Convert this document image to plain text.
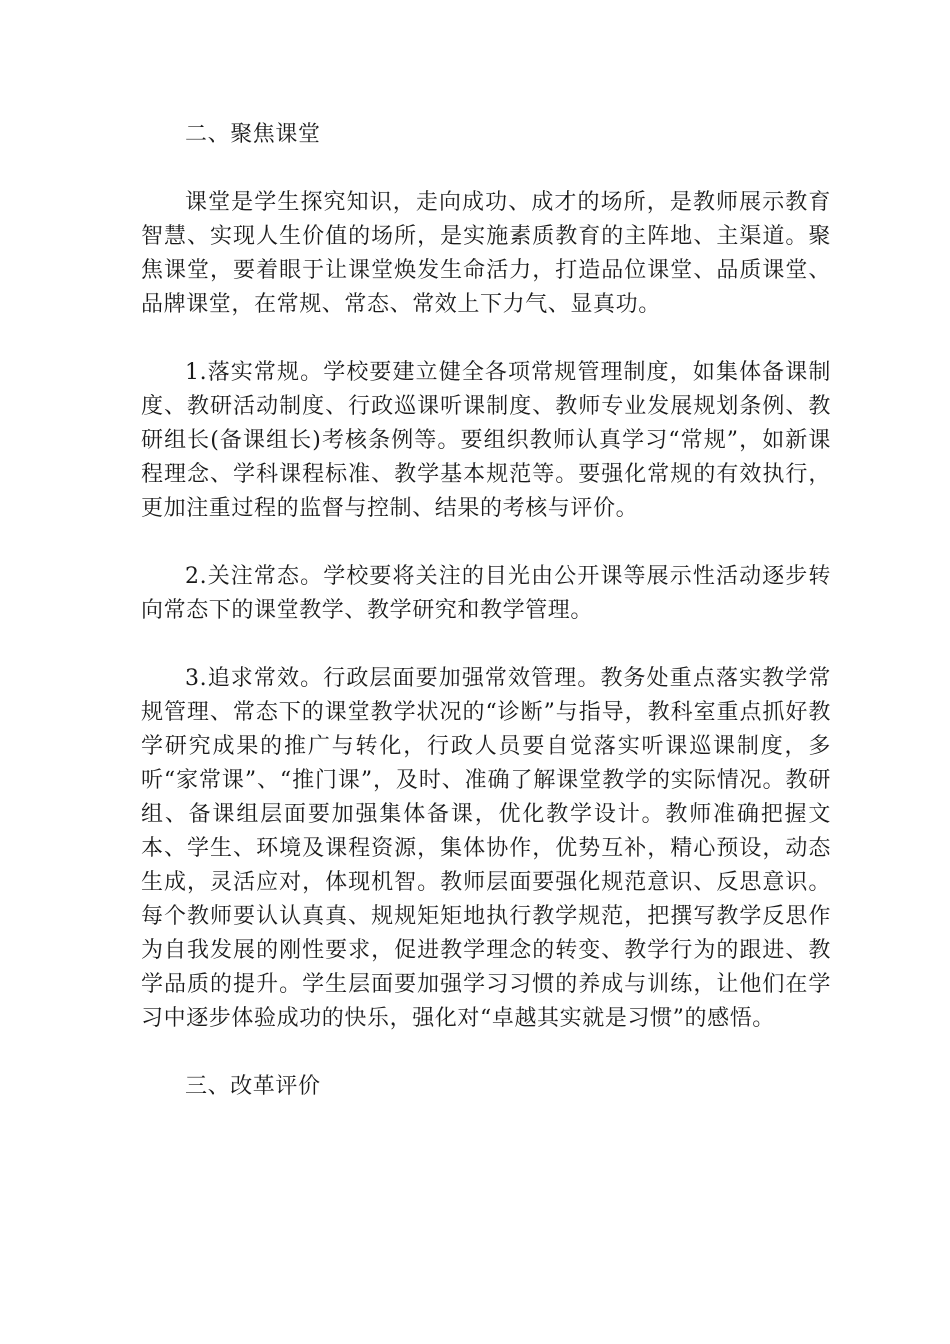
二、聚焦课堂

课堂是学生探究知识，走向成功、成才的场所，是教师展示教育智慧、实现人生价值的场所，是实施素质教育的主阵地、主渠道。聚焦课堂，要着眼于让课堂焕发生命活力，打造品位课堂、品质课堂、品牌课堂，在常规、常态、常效上下力气、显真功。

1.落实常规。学校要建立健全各项常规管理制度，如集体备课制度、教研活动制度、行政巡课听课制度、教师专业发展规划条例、教研组长(备课组长)考核条例等。要组织教师认真学习“常规”，如新课程理念、学科课程标准、教学基本规范等。要强化常规的有效执行，更加注重过程的监督与控制、结果的考核与评价。

2.关注常态。学校要将关注的目光由公开课等展示性活动逐步转向常态下的课堂教学、教学研究和教学管理。

3.追求常效。行政层面要加强常效管理。教务处重点落实教学常规管理、常态下的课堂教学状况的“诊断”与指导，教科室重点抓好教学研究成果的推广与转化，行政人员要自觉落实听课巡课制度，多听“家常课”、“推门课”，及时、准确了解课堂教学的实际情况。教研组、备课组层面要加强集体备课，优化教学设计。教师准确把握文本、学生、环境及课程资源，集体协作，优势互补，精心预设，动态生成，灵活应对，体现机智。教师层面要强化规范意识、反思意识。每个教师要认认真真、规规矩矩地执行教学规范，把撰写教学反思作为自我发展的刚性要求，促进教学理念的转变、教学行为的跟进、教学品质的提升。学生层面要加强学习习惯的养成与训练，让他们在学习中逐步体验成功的快乐，强化对“卓越其实就是习惯”的感悟。

三、改革评价
